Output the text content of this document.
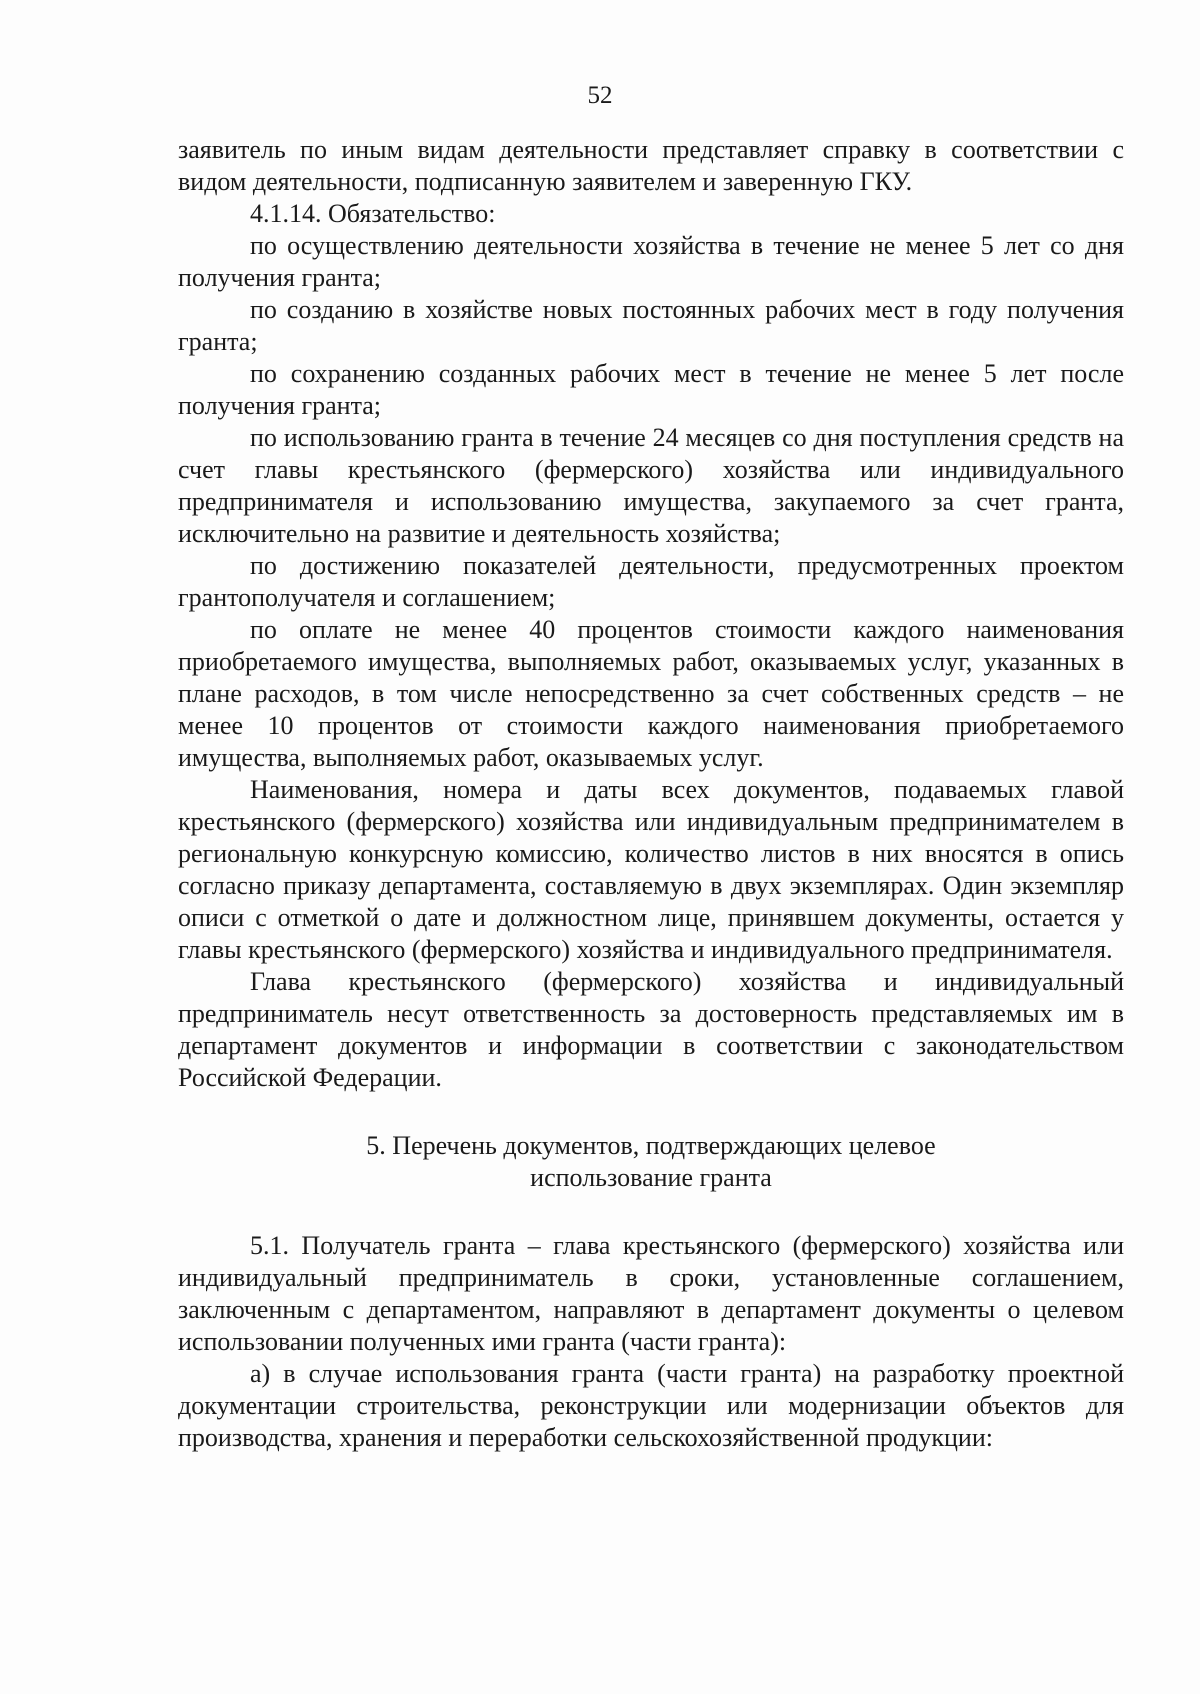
52

заявитель по иным видам деятельности представляет справку в соответствии с видом деятельности, подписанную заявителем и заверенную ГКУ.

4.1.14. Обязательство:

по осуществлению деятельности хозяйства в течение не менее 5 лет со дня получения гранта;

по созданию в хозяйстве новых постоянных рабочих мест в году получения гранта;

по сохранению созданных рабочих мест в течение не менее 5 лет после получения гранта;

по использованию гранта в течение 24 месяцев со дня поступления средств на счет главы крестьянского (фермерского) хозяйства или индивидуального предпринимателя и использованию имущества, закупаемого за счет гранта, исключительно на развитие и деятельность хозяйства;

по достижению показателей деятельности, предусмотренных проектом грантополучателя и соглашением;

по оплате не менее 40 процентов стоимости каждого наименования приобретаемого имущества, выполняемых работ, оказываемых услуг, указанных в плане расходов, в том числе непосредственно за счет собственных средств – не менее 10 процентов от стоимости каждого наименования приобретаемого имущества, выполняемых работ, оказываемых услуг.

Наименования, номера и даты всех документов, подаваемых главой крестьянского (фермерского) хозяйства или индивидуальным предпринимателем в региональную конкурсную комиссию, количество листов в них вносятся в опись согласно приказу департамента, составляемую в двух экземплярах. Один экземпляр описи с отметкой о дате и должностном лице, принявшем документы, остается у главы крестьянского (фермерского) хозяйства и индивидуального предпринимателя.

Глава крестьянского (фермерского) хозяйства и индивидуальный предприниматель несут ответственность за достоверность представляемых им в департамент документов и информации в соответствии с законодательством Российской Федерации.

5. Перечень документов, подтверждающих целевое
использование гранта

5.1. Получатель гранта – глава крестьянского (фермерского) хозяйства или индивидуальный предприниматель в сроки, установленные соглашением, заключенным с департаментом, направляют в департамент документы о целевом использовании полученных ими гранта (части гранта):

а) в случае использования гранта (части гранта) на разработку проектной документации строительства, реконструкции или модернизации объектов для производства, хранения и переработки сельскохозяйственной продукции:
